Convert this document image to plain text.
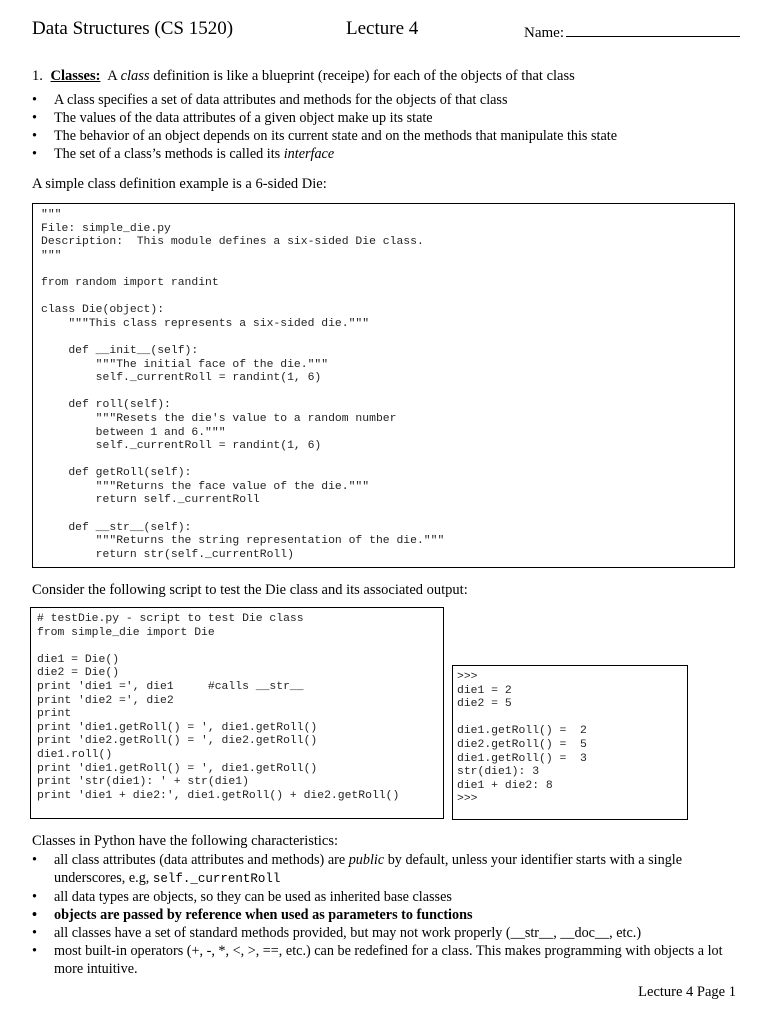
Data Structures (CS 1520)	Lecture 4	Name:
1. Classes: A class definition is like a blueprint (receipe) for each of the objects of that class
• A class specifies a set of data attributes and methods for the objects of that class
• The values of the data attributes of a given object make up its state
• The behavior of an object depends on its current state and on the methods that manipulate this state
• The set of a class’s methods is called its interface
A simple class definition example is a 6-sided Die:
"""
File: simple_die.py
Description:  This module defines a six-sided Die class.
"""

from random import randint

class Die(object):
"""This class represents a six-sided die."""

def __init__(self):
"""The initial face of the die."""
self._currentRoll = randint(1, 6)

def roll(self):
"""Resets the die's value to a random number
between 1 and 6."""
self._currentRoll = randint(1, 6)

def getRoll(self):
"""Returns the face value of the die."""
return self._currentRoll

def __str__(self):
"""Returns the string representation of the die."""
return str(self._currentRoll)
Consider the following script to test the Die class and its associated output:
# testDie.py - script to test Die class
from simple_die import Die

die1 = Die()
die2 = Die()
print 'die1 =', die1     #calls __str__
print 'die2 =', die2
print
print 'die1.getRoll() = ', die1.getRoll()
print 'die2.getRoll() = ', die2.getRoll()
die1.roll()
print 'die1.getRoll() = ', die1.getRoll()
print 'str(die1): ' + str(die1)
print 'die1 + die2:', die1.getRoll() + die2.getRoll()
>>>
die1 = 2
die2 = 5

die1.getRoll() =  2
die2.getRoll() =  5
die1.getRoll() =  3
str(die1): 3
die1 + die2: 8
>>>
Classes in Python have the following characteristics:
• all class attributes (data attributes and methods) are public by default, unless your identifier starts with a single underscores, e.g, self._currentRoll
• all data types are objects, so they can be used as inherited base classes
• objects are passed by reference when used as parameters to functions
• all classes have a set of standard methods provided, but may not work properly (__str__, __doc__, etc.)
• most built-in operators (+, -, *, <, >, ==, etc.) can be redefined for a class. This makes programming with objects a lot more intuitive.
Lecture 4 Page 1
